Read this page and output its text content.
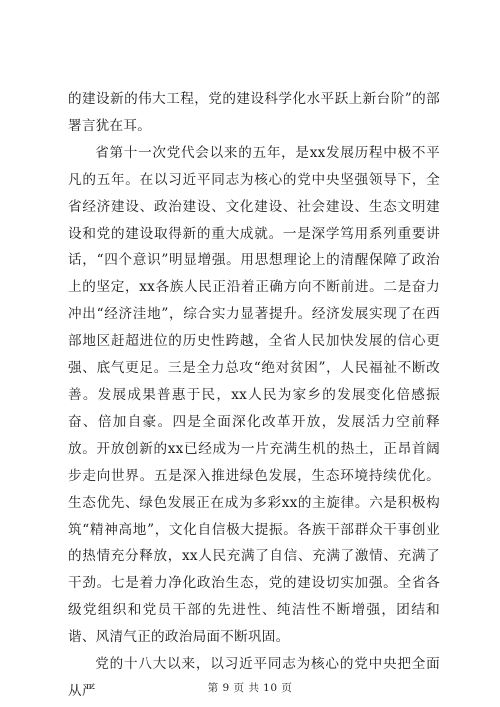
的建设新的伟大工程，党的建设科学化水平跃上新台阶”的部署言犹在耳。

省第十一次党代会以来的五年，是xx发展历程中极不平凡的五年。在以习近平同志为核心的党中央坚强领导下，全省经济建设、政治建设、文化建设、社会建设、生态文明建设和党的建设取得新的重大成就。一是深学笃用系列重要讲话，“四个意识”明显增强。用思想理论上的清醒保障了政治上的坚定，xx各族人民正沿着正确方向不断前进。二是奋力冲出“经济洼地”，综合实力显著提升。经济发展实现了在西部地区赶超进位的历史性跨越，全省人民加快发展的信心更强、底气更足。三是全力总攻“绝对贫困”，人民福祉不断改善。发展成果普惠于民，xx人民为家乡的发展变化倍感振奋、倍加自豪。四是全面深化改革开放，发展活力空前释放。开放创新的xx已经成为一片充满生机的热土，正昂首阔步走向世界。五是深入推进绿色发展，生态环境持续优化。生态优先、绿色发展正在成为多彩xx的主旋律。六是积极构筑“精神高地”，文化自信极大提振。各族干部群众干事创业的热情充分释放，xx人民充满了自信、充满了激情、充满了干劲。七是着力净化政治生态，党的建设切实加强。全省各级党组织和党员干部的先进性、纯洁性不断增强，团结和谐、风清气正的政治局面不断巩固。

党的十八大以来，以习近平同志为核心的党中央把全面从严	第 9 页 共 10 页
